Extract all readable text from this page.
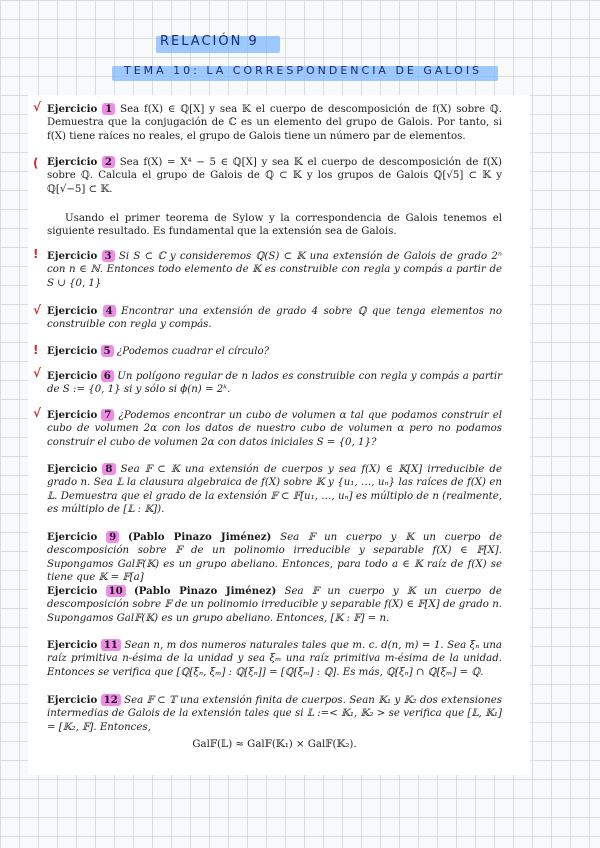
RELACIÓN 9
TEMA 10: LA CORRESPONDENCIA DE GALOIS
√
(
!
√
!
√
√
Ejercicio 1 Sea f(X) ∈ ℚ[X] y sea 𝕂 el cuerpo de descomposición de f(X) sobre ℚ. Demuestra que la conjugación de ℂ es un elemento del grupo de Galois. Por tanto, si f(X) tiene raíces no reales, el grupo de Galois tiene un número par de elementos.
Ejercicio 2 Sea f(X) = X⁴ − 5 ∈ ℚ[X] y sea 𝕂 el cuerpo de descomposición de f(X) sobre ℚ. Calcula el grupo de Galois de ℚ ⊂ 𝕂 y los grupos de Galois ℚ[√5] ⊂ 𝕂 y ℚ[√−5] ⊂ 𝕂.
Usando el primer teorema de Sylow y la correspondencia de Galois tenemos el siguiente resultado. Es fundamental que la extensión sea de Galois.
Ejercicio 3 Si S ⊂ ℂ y consideremos ℚ(S) ⊂ 𝕂 una extensión de Galois de grado 2ⁿ con n ∈ ℕ. Entonces todo elemento de 𝕂 es construible con regla y compás a partir de S ∪ {0, 1}
Ejercicio 4 Encontrar una extensión de grado 4 sobre ℚ que tenga elementos no construible con regla y compás.
Ejercicio 5 ¿Podemos cuadrar el círculo?
Ejercicio 6 Un polígono regular de n lados es construible con regla y compás a partir de S := {0, 1} si y sólo si ϕ(n) = 2ᵏ.
Ejercicio 7 ¿Podemos encontrar un cubo de volumen α tal que podamos construir el cubo de volumen 2α con los datos de nuestro cubo de volumen α pero no podamos construir el cubo de volumen 2α con datos iniciales S = {0, 1}?
Ejercicio 8 Sea 𝔽 ⊂ 𝕂 una extensión de cuerpos y sea f(X) ∈ 𝕂[X] irreducible de grado n. Sea 𝕃 la clausura algebraica de f(X) sobre 𝕂 y {u₁, …, uₙ} las raíces de f(X) en 𝕃. Demuestra que el grado de la extensión 𝔽 ⊂ 𝔽[u₁, …, uₙ] es múltiplo de n (realmente, es múltiplo de [𝕃 : 𝕂]).
Ejercicio 9 (Pablo Pinazo Jiménez) Sea 𝔽 un cuerpo y 𝕂 un cuerpo de descomposición sobre 𝔽 de un polinomio irreducible y separable f(X) ∈ 𝔽[X]. Supongamos Gal𝔽(𝕂) es un grupo abeliano. Entonces, para todo a ∈ 𝕂 raíz de f(X) se tiene que 𝕂 = 𝔽[a]
Ejercicio 10 (Pablo Pinazo Jiménez) Sea 𝔽 un cuerpo y 𝕂 un cuerpo de descomposición sobre 𝔽 de un polinomio irreducible y separable f(X) ∈ 𝔽[X] de grado n. Supongamos Gal𝔽(𝕂) es un grupo abeliano. Entonces, [𝕂 : 𝔽] = n.
Ejercicio 11 Sean n, m dos numeros naturales tales que m. c. d(n, m) = 1. Sea ξₙ una raíz primitiva n-ésima de la unidad y sea ξₘ una raíz primitiva m-ésima de la unidad. Entonces se verifica que [ℚ[ξₙ, ξₘ] : ℚ[ξₙ]] = [ℚ[ξₘ] : ℚ]. Es más, ℚ[ξₙ] ∩ ℚ[ξₘ] = ℚ.
Ejercicio 12 Sea 𝔽 ⊂ 𝕋 una extensión finita de cuerpos. Sean 𝕂₁ y 𝕂₂ dos extensiones intermedias de Galois de la extensión tales que si 𝕃 :=< 𝕂₁, 𝕂₂ > se verifica que [𝕃, 𝕂₁] = [𝕂₂, 𝔽]. Entonces,
Gal𝔽(𝕃) ≈ Gal𝔽(𝕂₁) × Gal𝔽(𝕂₂).
